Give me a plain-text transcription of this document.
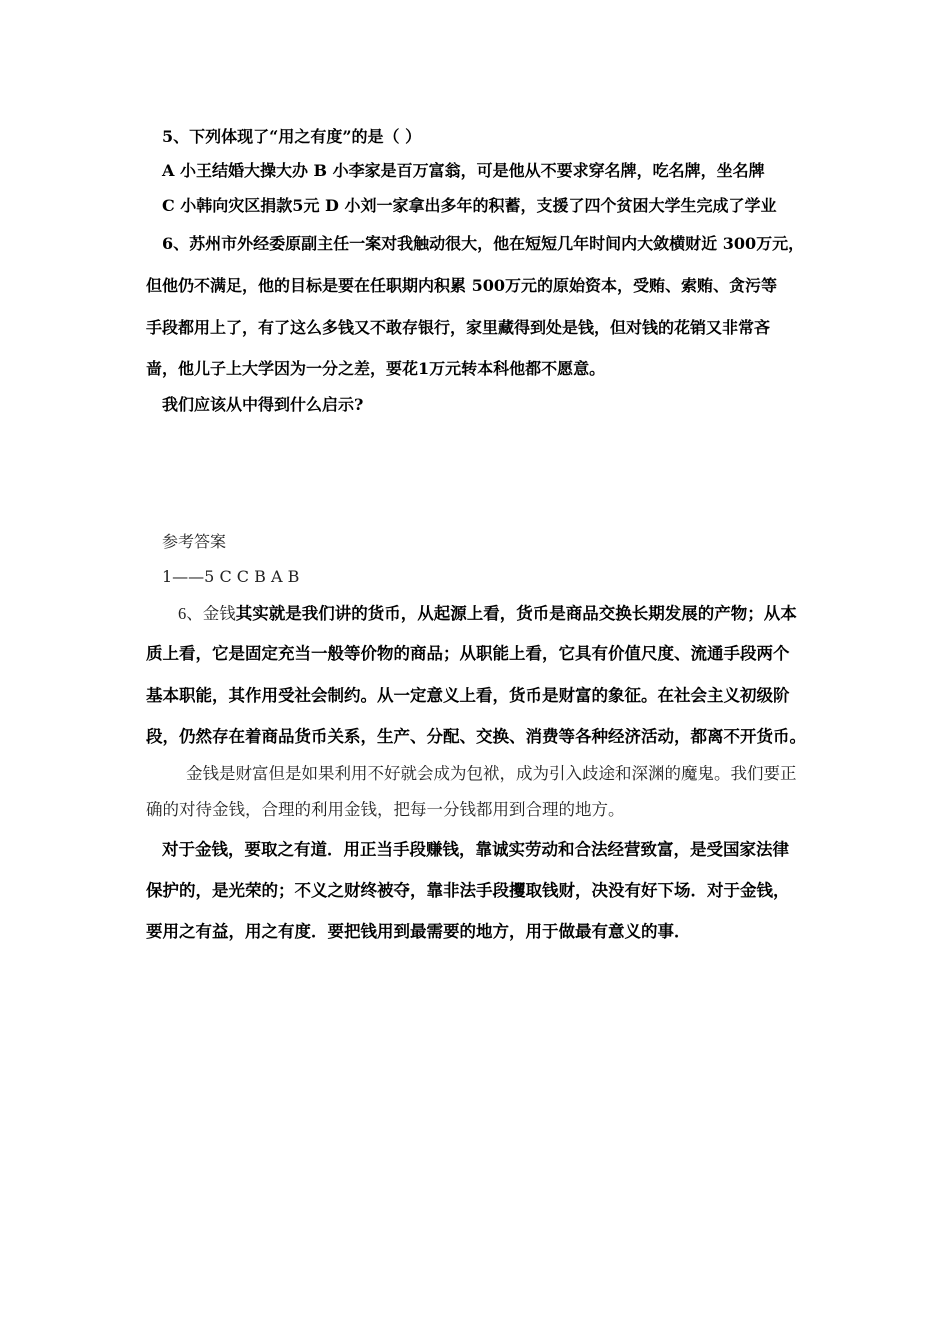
5、下列体现了“用之有度”的是（ ）
A 小王结婚大操大办 B 小李家是百万富翁，可是他从不要求穿名牌，吃名牌，坐名牌
C 小韩向灾区捐款5元 D 小刘一家拿出多年的积蓄，支援了四个贫困大学生完成了学业
6、苏州市外经委原副主任一案对我触动很大，他在短短几年时间内大敛横财近 300万元，
但他仍不满足，他的目标是要在任职期内积累 500万元的原始资本，受贿、索贿、贪污等
手段都用上了，有了这么多钱又不敢存银行，家里藏得到处是钱，但对钱的花销又非常吝
啬，他儿子上大学因为一分之差，要花1万元转本科他都不愿意。
我们应该从中得到什么启示?
参考答案
1——5 C C B A B
6、金钱其实就是我们讲的货币，从起源上看，货币是商品交换长期发展的产物；从本
质上看，它是固定充当一般等价物的商品；从职能上看，它具有价值尺度、流通手段两个
基本职能，其作用受社会制约。从一定意义上看，货币是财富的象征。在社会主义初级阶
段，仍然存在着商品货币关系，生产、分配、交换、消费等各种经济活动，都离不开货币。
金钱是财富但是如果利用不好就会成为包袱，成为引入歧途和深渊的魔鬼。我们要正
确的对待金钱，合理的利用金钱，把每一分钱都用到合理的地方。
对于金钱，要取之有道．用正当手段赚钱，靠诚实劳动和合法经营致富，是受国家法律
保护的，是光荣的；不义之财终被夺，靠非法手段攫取钱财，决没有好下场．对于金钱，
要用之有益，用之有度．要把钱用到最需要的地方，用于做最有意义的事．
